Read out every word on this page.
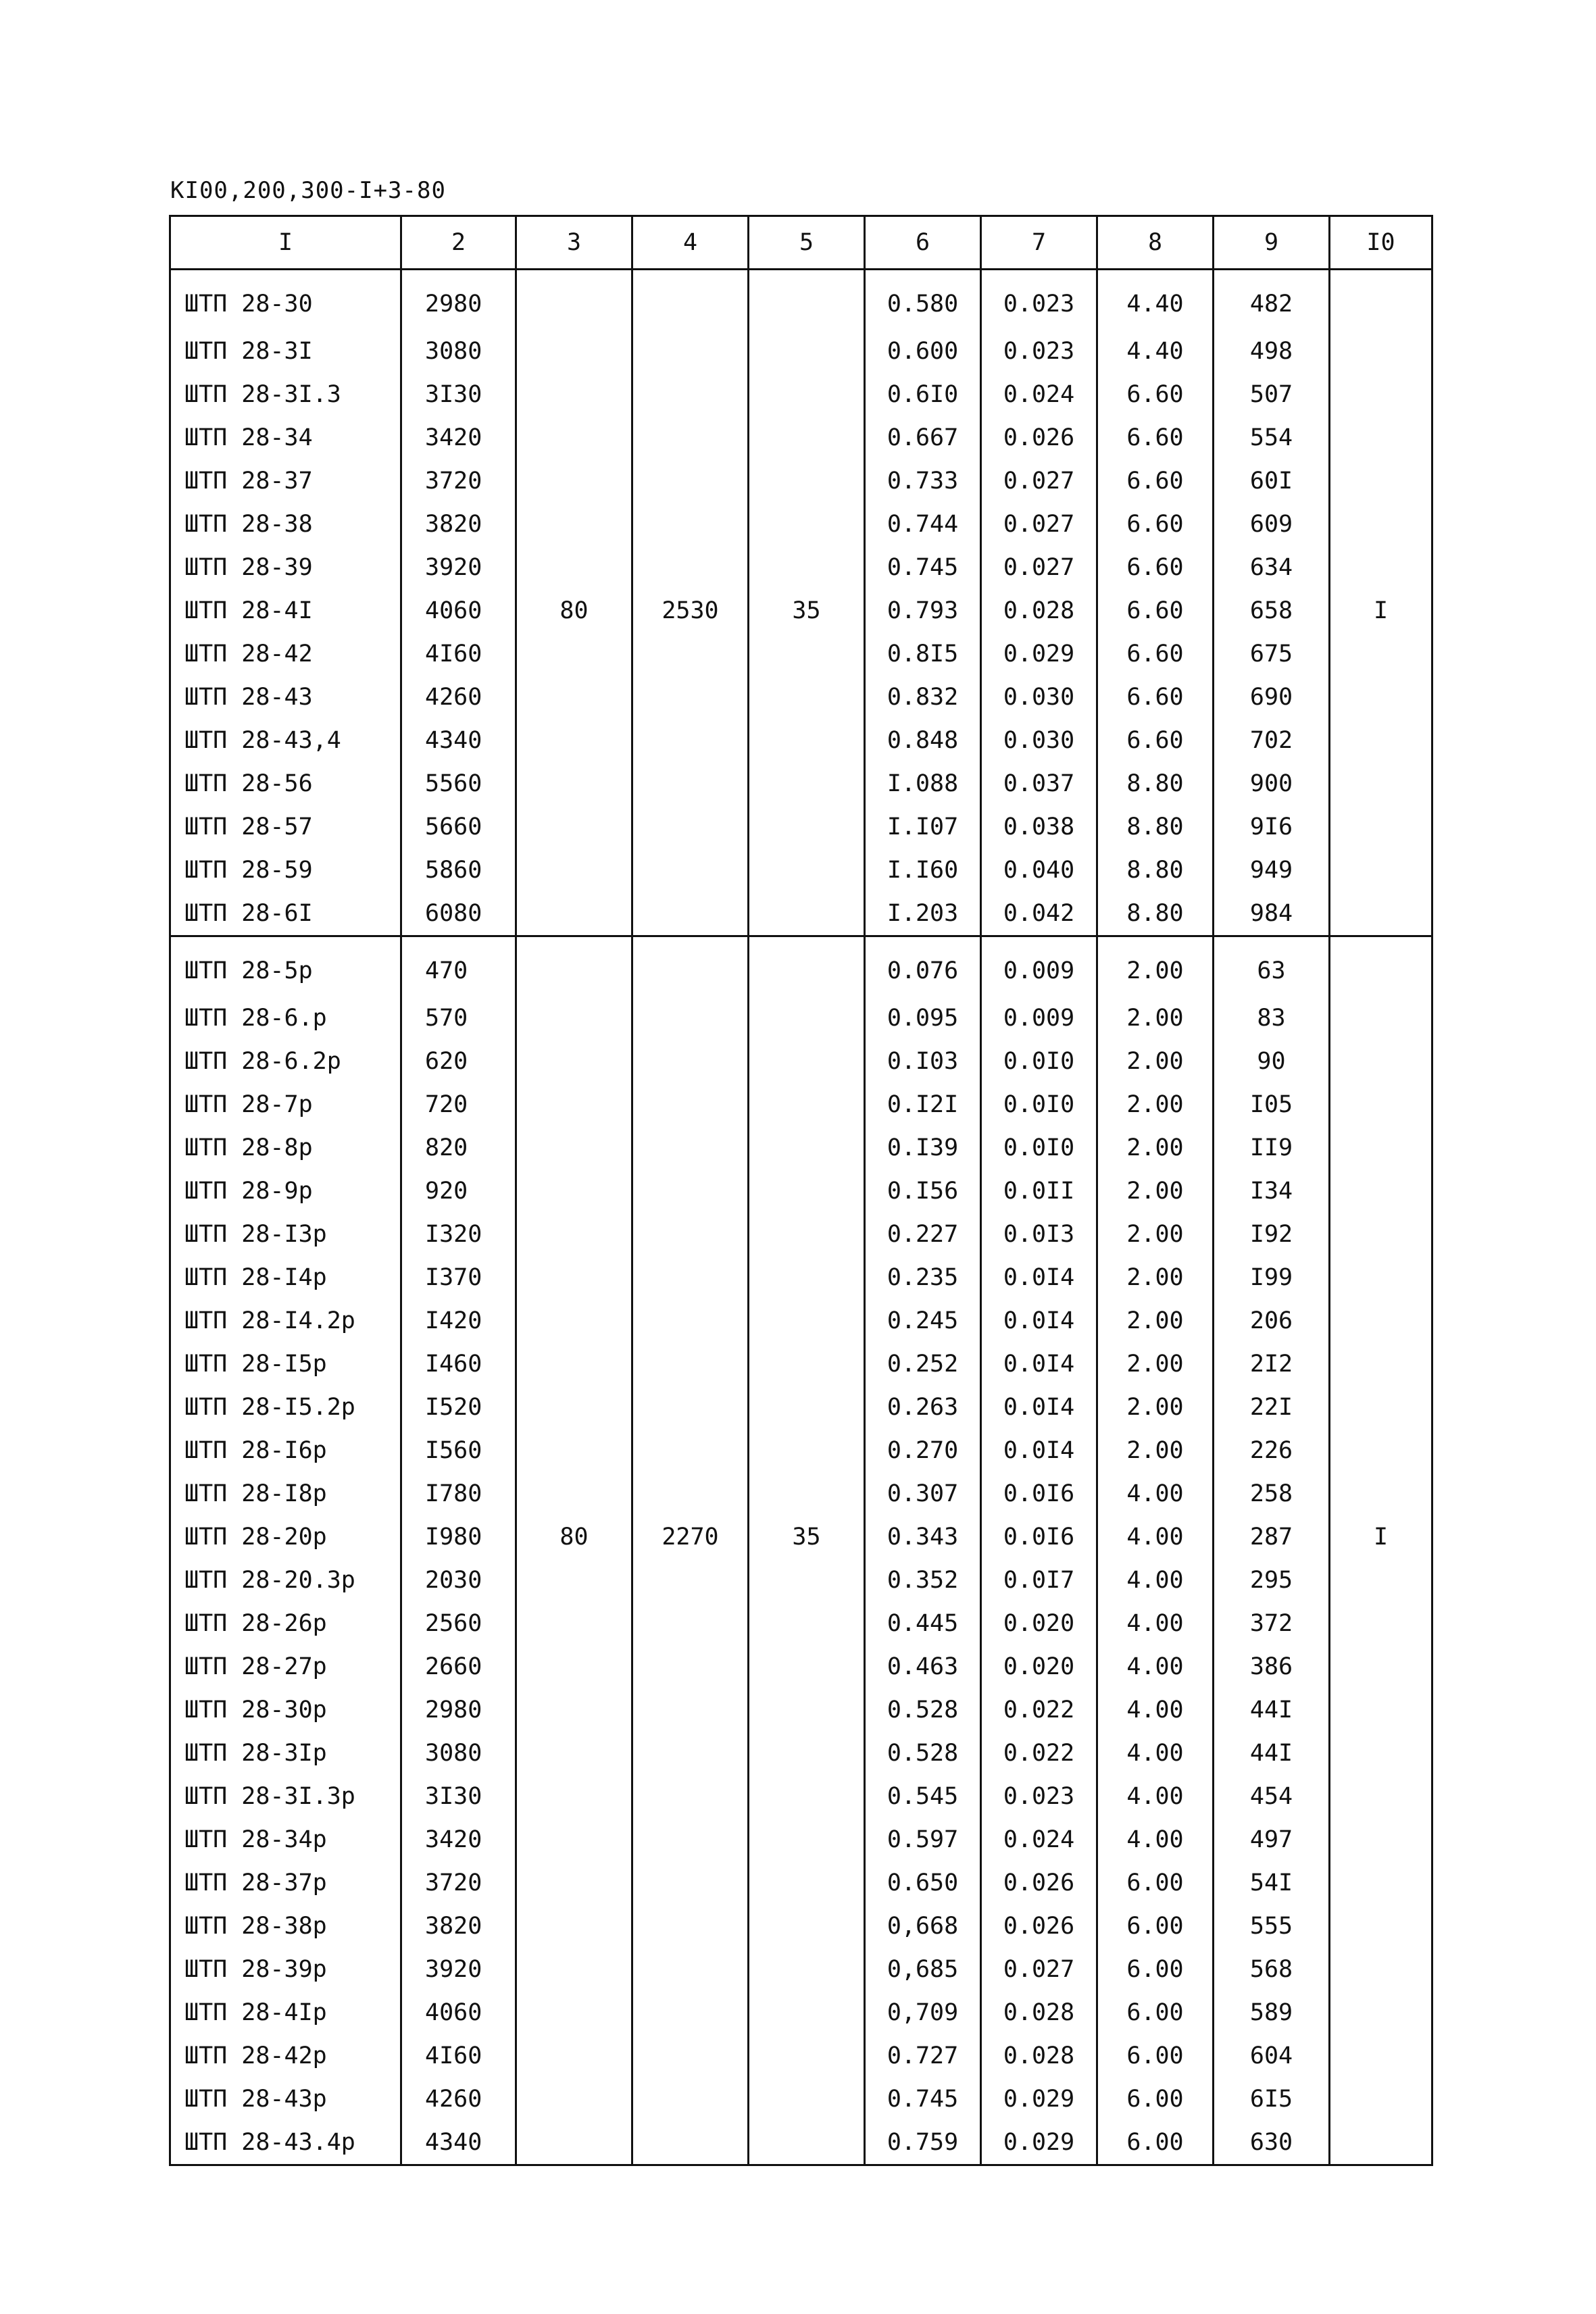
КI00,200,300-I+3-80
I	2	3	4	5	6	7	8	9	I0
ШТП 28-30	2980				0.580	0.023	4.40	482	
ШТП 28-3I	3080				0.600	0.023	4.40	498	
ШТП 28-3I.3	3I30				0.6I0	0.024	6.60	507	
ШТП 28-34	3420				0.667	0.026	6.60	554	
ШТП 28-37	3720				0.733	0.027	6.60	60I	
ШТП 28-38	3820				0.744	0.027	6.60	609	
ШТП 28-39	3920				0.745	0.027	6.60	634	
ШТП 28-4I	4060	80	2530	35	0.793	0.028	6.60	658	I
ШТП 28-42	4I60				0.8I5	0.029	6.60	675	
ШТП 28-43	4260				0.832	0.030	6.60	690	
ШТП 28-43,4	4340				0.848	0.030	6.60	702	
ШТП 28-56	5560				I.088	0.037	8.80	900	
ШТП 28-57	5660				I.I07	0.038	8.80	9I6	
ШТП 28-59	5860				I.I60	0.040	8.80	949	
ШТП 28-6I	6080				I.203	0.042	8.80	984	
ШТП 28-5р	470				0.076	0.009	2.00	63	
ШТП 28-6.р	570				0.095	0.009	2.00	83	
ШТП 28-6.2р	620				0.I03	0.0I0	2.00	90	
ШТП 28-7р	720				0.I2I	0.0I0	2.00	I05	
ШТП 28-8р	820				0.I39	0.0I0	2.00	II9	
ШТП 28-9р	920				0.I56	0.0II	2.00	I34	
ШТП 28-I3р	I320				0.227	0.0I3	2.00	I92	
ШТП 28-I4р	I370				0.235	0.0I4	2.00	I99	
ШТП 28-I4.2р	I420				0.245	0.0I4	2.00	206	
ШТП 28-I5р	I460				0.252	0.0I4	2.00	2I2	
ШТП 28-I5.2р	I520				0.263	0.0I4	2.00	22I	
ШТП 28-I6р	I560				0.270	0.0I4	2.00	226	
ШТП 28-I8р	I780				0.307	0.0I6	4.00	258	
ШТП 28-20р	I980	80	2270	35	0.343	0.0I6	4.00	287	I
ШТП 28-20.3р	2030				0.352	0.0I7	4.00	295	
ШТП 28-26р	2560				0.445	0.020	4.00	372	
ШТП 28-27р	2660				0.463	0.020	4.00	386	
ШТП 28-30р	2980				0.528	0.022	4.00	44I	
ШТП 28-3Iр	3080				0.528	0.022	4.00	44I	
ШТП 28-3I.3р	3I30				0.545	0.023	4.00	454	
ШТП 28-34р	3420				0.597	0.024	4.00	497	
ШТП 28-37р	3720				0.650	0.026	6.00	54I	
ШТП 28-38р	3820				0,668	0.026	6.00	555	
ШТП 28-39р	3920				0,685	0.027	6.00	568	
ШТП 28-4Iр	4060				0,709	0.028	6.00	589	
ШТП 28-42р	4I60				0.727	0.028	6.00	604	
ШТП 28-43р	4260				0.745	0.029	6.00	6I5	
ШТП 28-43.4р	4340				0.759	0.029	6.00	630	
